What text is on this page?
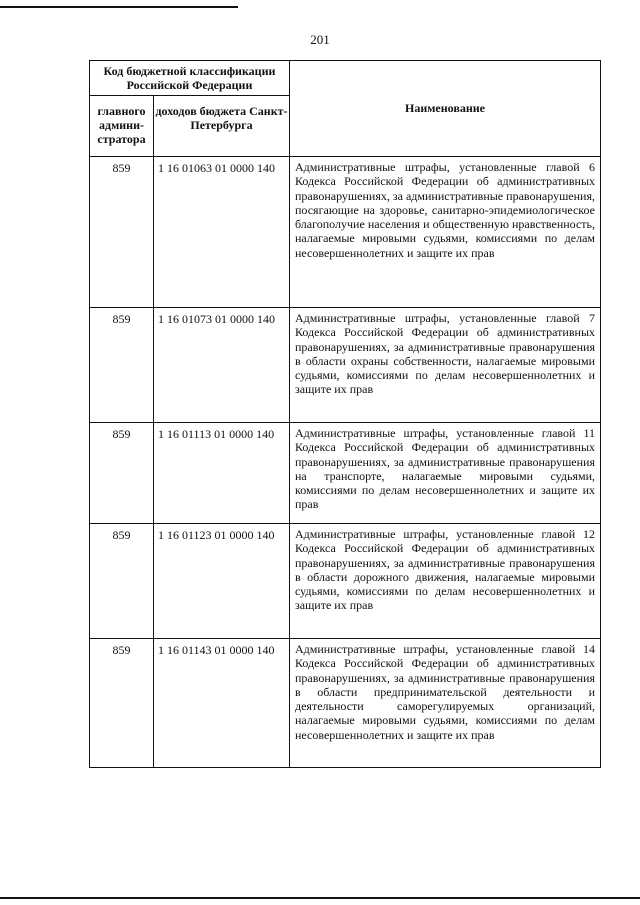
201
Код бюджетной классификации Российской Федерации		Наименование
главного админи-стратора	доходов бюджета Санкт-Петербурга	
859	1 16 01063 01 0000 140	Административные штрафы, установленные главой 6 Кодекса Российской Федерации об административных правонарушениях, за административные правонарушения, посягающие на здоровье, санитарно-эпидемиологическое благополучие населения и общественную нравственность, налагаемые мировыми судьями, комиссиями по делам несовершеннолетних и защите их прав
859	1 16 01073 01 0000 140	Административные штрафы, установленные главой 7 Кодекса Российской Федерации об административных правонарушениях, за административные правонарушения в области охраны собственности, налагаемые мировыми судьями, комиссиями по делам несовершеннолетних и защите их прав
859	1 16 01113 01 0000 140	Административные штрафы, установленные главой 11 Кодекса Российской Федерации об административных правонарушениях, за административные правонарушения на транспорте, налагаемые мировыми судьями, комиссиями по делам несовершеннолетних и защите их прав
859	1 16 01123 01 0000 140	Административные штрафы, установленные главой 12 Кодекса Российской Федерации об административных правонарушениях, за административные правонарушения в области дорожного движения, налагаемые мировыми судьями, комиссиями по делам несовершеннолетних и защите их прав
859	1 16 01143 01 0000 140	Административные штрафы, установленные главой 14 Кодекса Российской Федерации об административных правонарушениях, за административные правонарушения в области предпринимательской деятельности и деятельности саморегулируемых организаций, налагаемые мировыми судьями, комиссиями по делам несовершеннолетних и защите их прав
